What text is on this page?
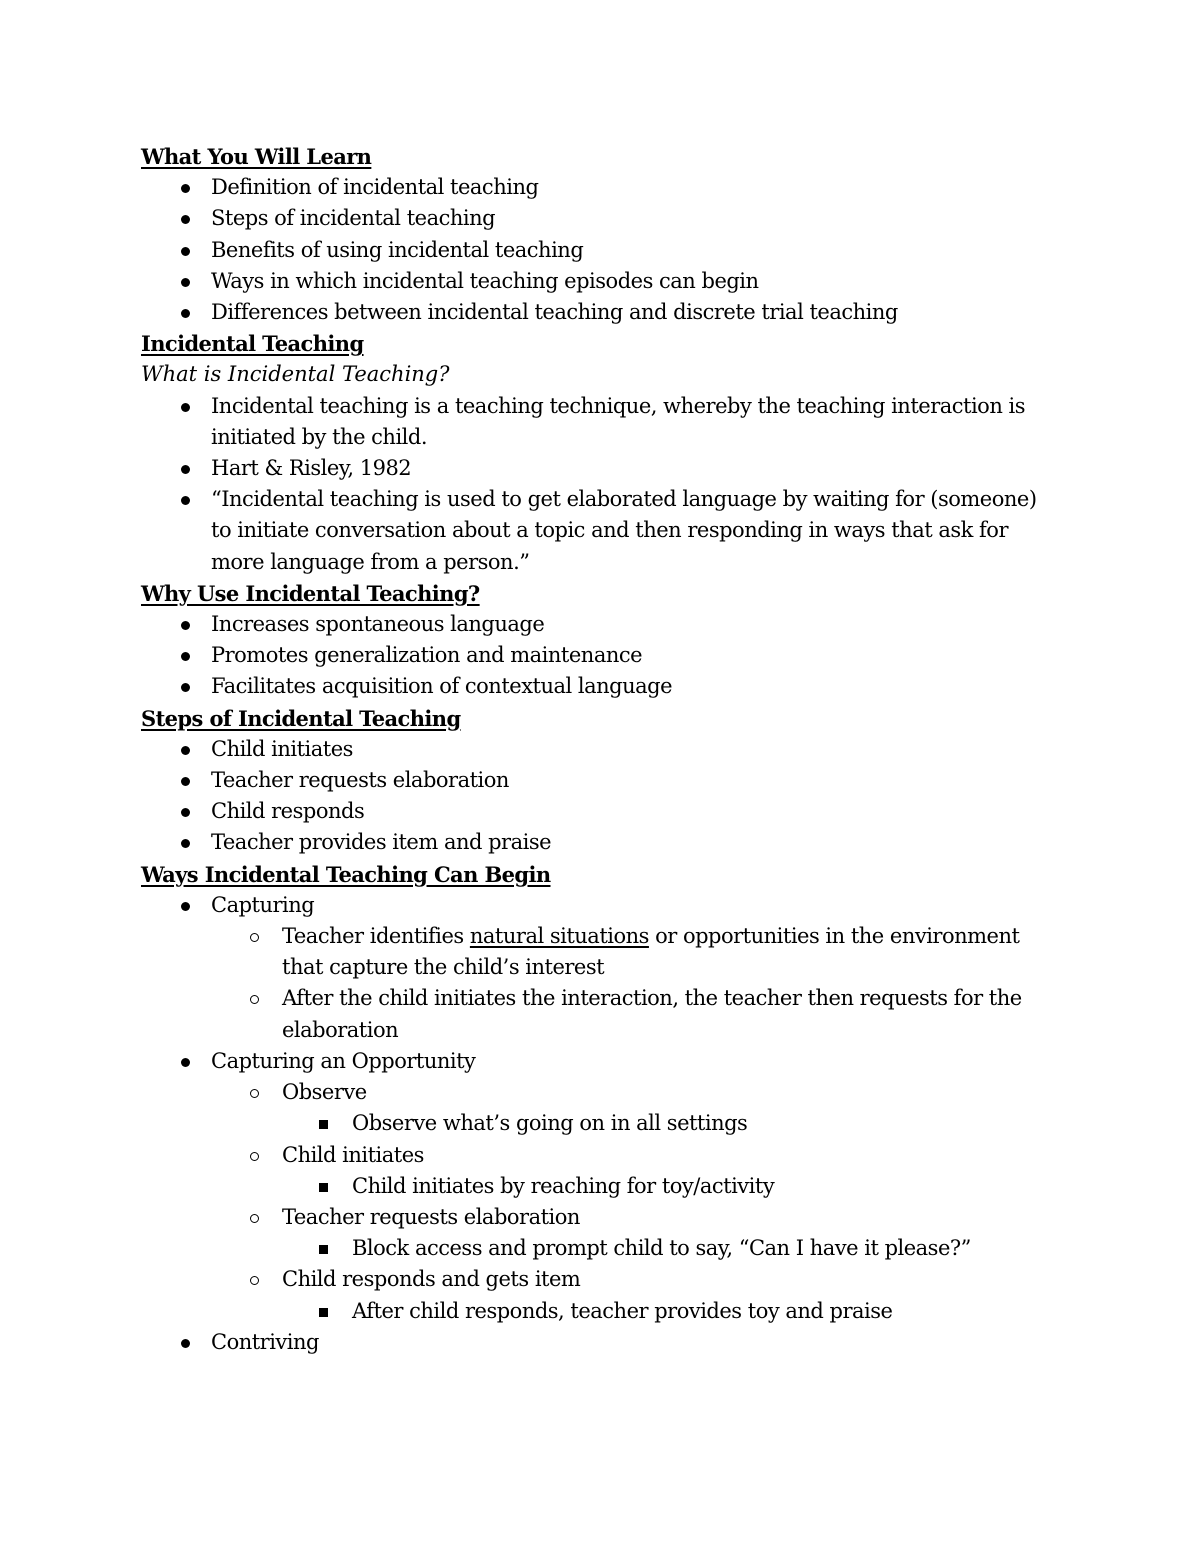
What You Will Learn
Definition of incidental teaching
Steps of incidental teaching
Benefits of using incidental teaching
Ways in which incidental teaching episodes can begin
Differences between incidental teaching and discrete trial teaching
Incidental Teaching
What is Incidental Teaching?
Incidental teaching is a teaching technique, whereby the teaching interaction is initiated by the child.
Hart & Risley, 1982
“Incidental teaching is used to get elaborated language by waiting for (someone) to initiate conversation about a topic and then responding in ways that ask for more language from a person.”
Why Use Incidental Teaching?
Increases spontaneous language
Promotes generalization and maintenance
Facilitates acquisition of contextual language
Steps of Incidental Teaching
Child initiates
Teacher requests elaboration
Child responds
Teacher provides item and praise
Ways Incidental Teaching Can Begin
Capturing
Teacher identifies natural situations or opportunities in the environment that capture the child’s interest
After the child initiates the interaction, the teacher then requests for the elaboration
Capturing an Opportunity
Observe
Observe what’s going on in all settings
Child initiates
Child initiates by reaching for toy/activity
Teacher requests elaboration
Block access and prompt child to say, “Can I have it please?”
Child responds and gets item
After child responds, teacher provides toy and praise
Contriving
